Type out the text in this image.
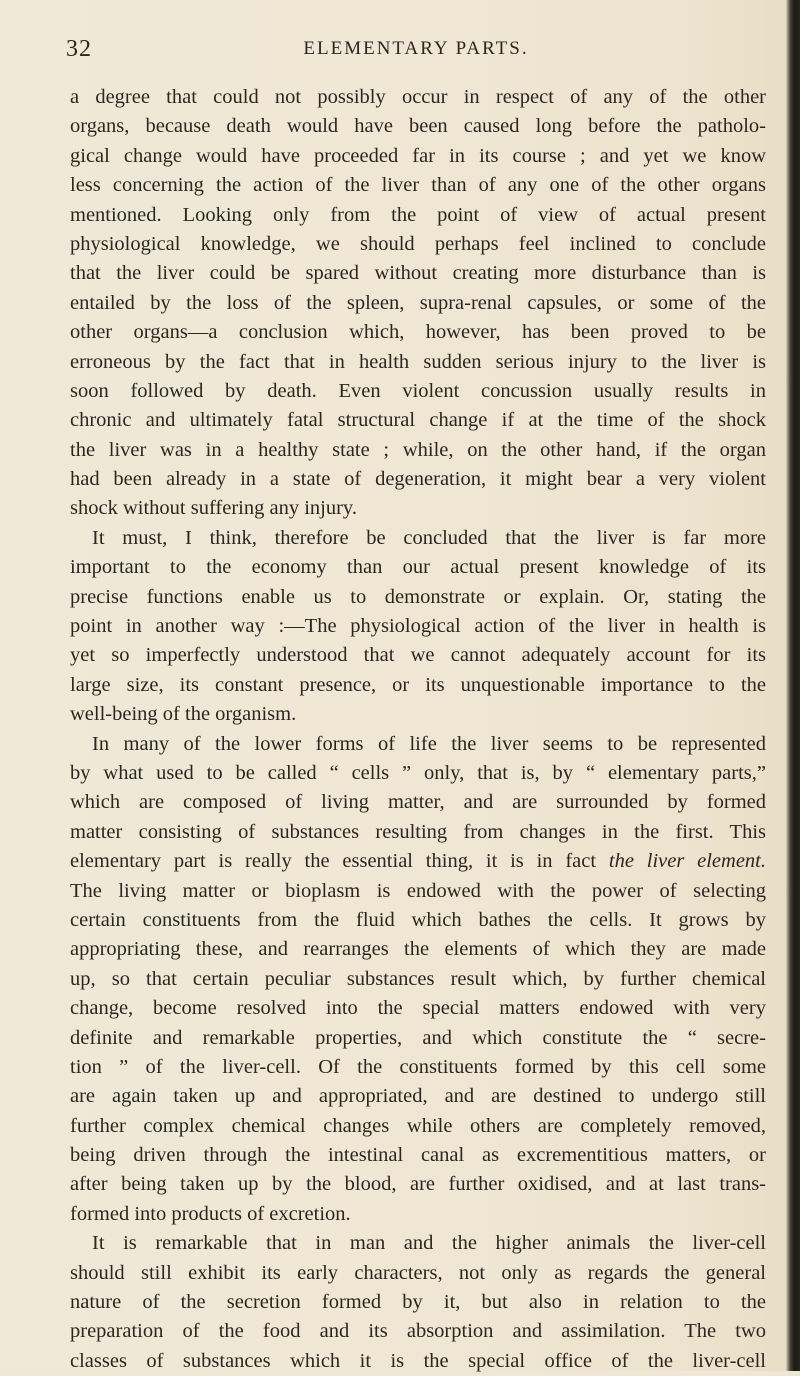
32	ELEMENTARY PARTS.
a degree that could not possibly occur in respect of any of the other
organs, because death would have been caused long before the patholo-
gical change would have proceeded far in its course ; and yet we know
less concerning the action of the liver than of any one of the other organs
mentioned. Looking only from the point of view of actual present
physiological knowledge, we should perhaps feel inclined to conclude
that the liver could be spared without creating more disturbance than is
entailed by the loss of the spleen, supra-renal capsules, or some of the
other organs—a conclusion which, however, has been proved to be
erroneous by the fact that in health sudden serious injury to the liver is
soon followed by death. Even violent concussion usually results in
chronic and ultimately fatal structural change if at the time of the shock
the liver was in a healthy state ; while, on the other hand, if the organ
had been already in a state of degeneration, it might bear a very violent
shock without suffering any injury.
It must, I think, therefore be concluded that the liver is far more
important to the economy than our actual present knowledge of its
precise functions enable us to demonstrate or explain. Or, stating the
point in another way :—The physiological action of the liver in health is
yet so imperfectly understood that we cannot adequately account for its
large size, its constant presence, or its unquestionable importance to the
well-being of the organism.
In many of the lower forms of life the liver seems to be represented
by what used to be called “ cells ” only, that is, by “ elementary parts,”
which are composed of living matter, and are surrounded by formed
matter consisting of substances resulting from changes in the first. This
elementary part is really the essential thing, it is in fact the liver element.
The living matter or bioplasm is endowed with the power of selecting
certain constituents from the fluid which bathes the cells. It grows by
appropriating these, and rearranges the elements of which they are made
up, so that certain peculiar substances result which, by further chemical
change, become resolved into the special matters endowed with very
definite and remarkable properties, and which constitute the “ secre-
tion ” of the liver-cell. Of the constituents formed by this cell some
are again taken up and appropriated, and are destined to undergo still
further complex chemical changes while others are completely removed,
being driven through the intestinal canal as excrementitious matters, or
after being taken up by the blood, are further oxidised, and at last trans-
formed into products of excretion.
It is remarkable that in man and the higher animals the liver-cell
should still exhibit its early characters, not only as regards the general
nature of the secretion formed by it, but also in relation to the
preparation of the food and its absorption and assimilation. The two
classes of substances which it is the special office of the liver-cell
